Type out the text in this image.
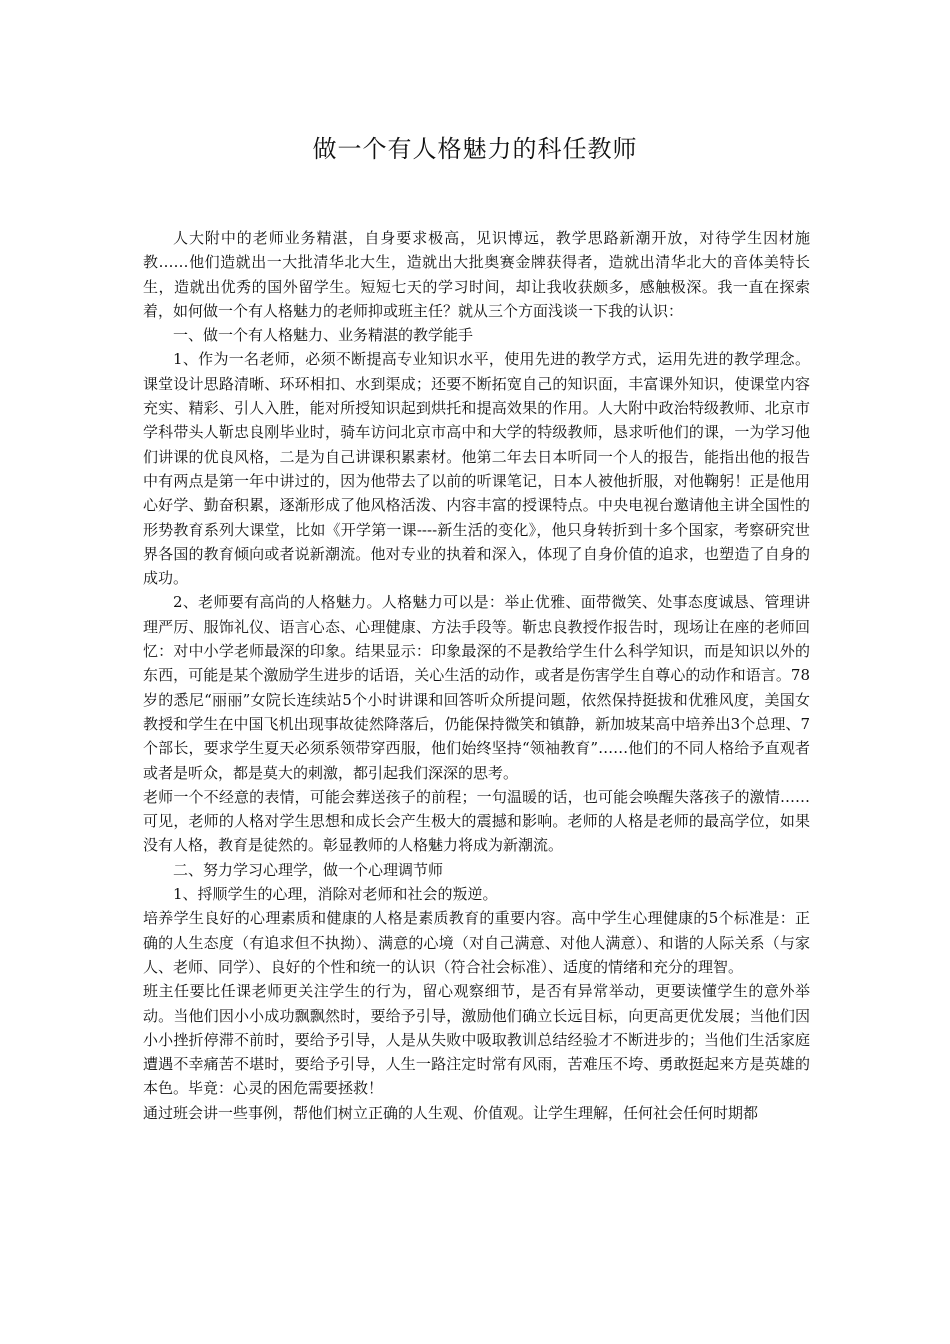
做一个有人格魅力的科任教师

人大附中的老师业务精湛，自身要求极高，见识博远，教学思路新潮开放，对待学生因材施教……他们造就出一大批清华北大生，造就出大批奥赛金牌获得者，造就出清华北大的音体美特长生，造就出优秀的国外留学生。短短七天的学习时间，却让我收获颇多，感触极深。我一直在探索着，如何做一个有人格魅力的老师抑或班主任？就从三个方面浅谈一下我的认识：

一、做一个有人格魅力、业务精湛的教学能手

1、作为一名老师，必须不断提高专业知识水平，使用先进的教学方式，运用先进的教学理念。课堂设计思路清晰、环环相扣、水到渠成；还要不断拓宽自己的知识面，丰富课外知识，使课堂内容充实、精彩、引人入胜，能对所授知识起到烘托和提高效果的作用。人大附中政治特级教师、北京市学科带头人靳忠良刚毕业时，骑车访问北京市高中和大学的特级教师，恳求听他们的课，一为学习他们讲课的优良风格，二是为自己讲课积累素材。他第二年去日本听同一个人的报告，能指出他的报告中有两点是第一年中讲过的，因为他带去了以前的听课笔记，日本人被他折服，对他鞠躬！正是他用心好学、勤奋积累，逐渐形成了他风格活泼、内容丰富的授课特点。中央电视台邀请他主讲全国性的形势教育系列大课堂，比如《开学第一课----新生活的变化》，他只身转折到十多个国家，考察研究世界各国的教育倾向或者说新潮流。他对专业的执着和深入，体现了自身价值的追求，也塑造了自身的成功。

2、老师要有高尚的人格魅力。人格魅力可以是：举止优雅、面带微笑、处事态度诚恳、管理讲理严厉、服饰礼仪、语言心态、心理健康、方法手段等。靳忠良教授作报告时，现场让在座的老师回忆：对中小学老师最深的印象。结果显示：印象最深的不是教给学生什么科学知识，而是知识以外的东西，可能是某个激励学生进步的话语，关心生活的动作，或者是伤害学生自尊心的动作和语言。78岁的悉尼“丽丽”女院长连续站5个小时讲课和回答听众所提问题，依然保持挺拔和优雅风度，美国女教授和学生在中国飞机出现事故徒然降落后，仍能保持微笑和镇静，新加坡某高中培养出3个总理、7个部长，要求学生夏天必须系领带穿西服，他们始终坚持“领袖教育”……他们的不同人格给予直观者或者是听众，都是莫大的刺激，都引起我们深深的思考。

老师一个不经意的表情，可能会葬送孩子的前程；一句温暖的话，也可能会唤醒失落孩子的激情……可见，老师的人格对学生思想和成长会产生极大的震撼和影响。老师的人格是老师的最高学位，如果没有人格，教育是徒然的。彰显教师的人格魅力将成为新潮流。

二、努力学习心理学，做一个心理调节师

1、捋顺学生的心理，消除对老师和社会的叛逆。

培养学生良好的心理素质和健康的人格是素质教育的重要内容。高中学生心理健康的5个标准是：正确的人生态度（有追求但不执拗）、满意的心境（对自己满意、对他人满意）、和谐的人际关系（与家人、老师、同学）、良好的个性和统一的认识（符合社会标准）、适度的情绪和充分的理智。

班主任要比任课老师更关注学生的行为，留心观察细节，是否有异常举动，更要读懂学生的意外举动。当他们因小小成功飘飘然时，要给予引导，激励他们确立长远目标，向更高更优发展；当他们因小小挫折停滞不前时，要给予引导，人是从失败中吸取教训总结经验才不断进步的；当他们生活家庭遭遇不幸痛苦不堪时，要给予引导，人生一路注定时常有风雨，苦难压不垮、勇敢挺起来方是英雄的本色。毕竟：心灵的困危需要拯救！

通过班会讲一些事例，帮他们树立正确的人生观、价值观。让学生理解，任何社会任何时期都
